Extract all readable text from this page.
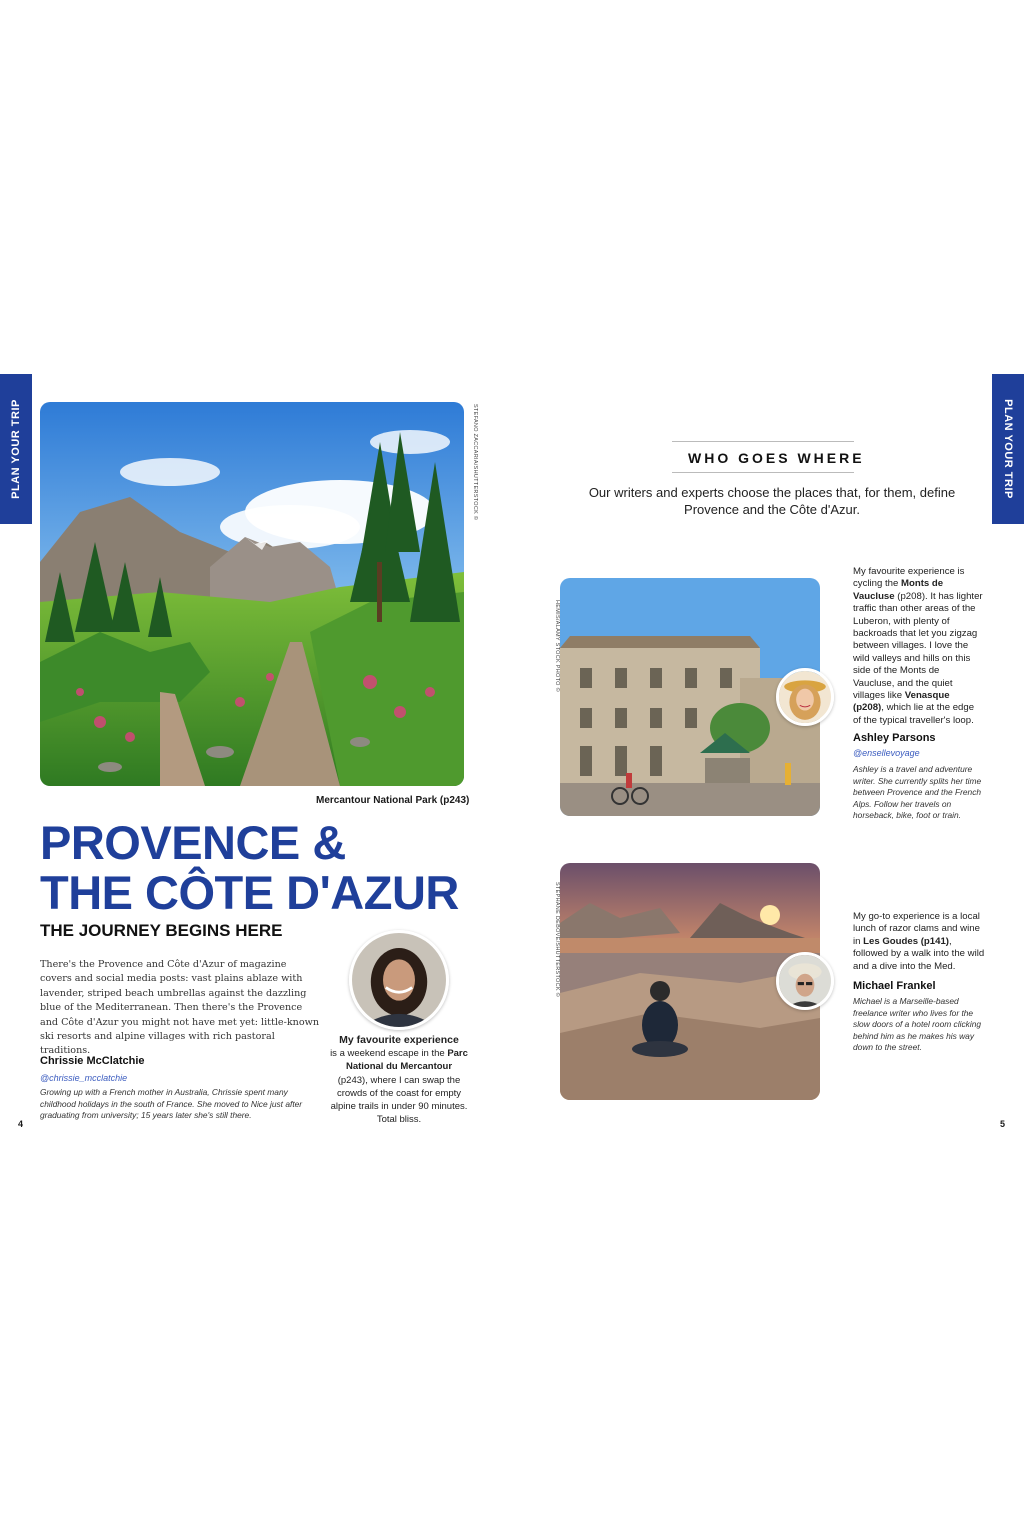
PLAN YOUR TRIP	PLAN YOUR TRIP
STEFANO ZACCARIA/SHUTTERSTOCK ©
Mercantour National Park (p243)
PROVENCE &
THE CÔTE D'AZUR
THE JOURNEY BEGINS HERE

There's the Provence and Côte d'Azur of magazine covers and social media posts: vast plains ablaze with lavender, striped beach umbrellas against the dazzling blue of the Mediterranean. Then there's the Provence and Côte d'Azur you might not have met yet: little-known ski resorts and alpine villages with rich pastoral traditions.

Chrissie McClatchie
@chrissie_mcclatchie

Growing up with a French mother in Australia, Chrissie spent many childhood holidays in the south of France. She moved to Nice just after graduating from university; 15 years later she's still there.

My favourite experience
is a weekend escape in the Parc National du Mercantour (p243), where I can swap the crowds of the coast for empty alpine trails in under 90 minutes. Total bliss.
4
WHO GOES WHERE

Our writers and experts choose the places that, for them, define Provence and the Côte d'Azur.

HEMIS/ALAMY STOCK PHOTO ©

My favourite experience is cycling the Monts de Vaucluse (p208). It has lighter traffic than other areas of the Luberon, with plenty of backroads that let you zigzag between villages. I love the wild valleys and hills on this side of the Monts de Vaucluse, and the quiet villages like Venasque (p208), which lie at the edge of the typical traveller's loop.

Ashley Parsons
@ensellevoyage

Ashley is a travel and adventure writer. She currently splits her time between Provence and the French Alps. Follow her travels on horseback, bike, foot or train.

STEPHANE DEBOVE/SHUTTERSTOCK ©	My go-to experience is a local lunch of razor clams and wine in Les Goudes (p141), followed by a walk into the wild and a dive into the Med.

Michael Frankel

Michael is a Marseille-based freelance writer who lives for the slow doors of a hotel room clicking behind him as he makes his way down to the street.

5
